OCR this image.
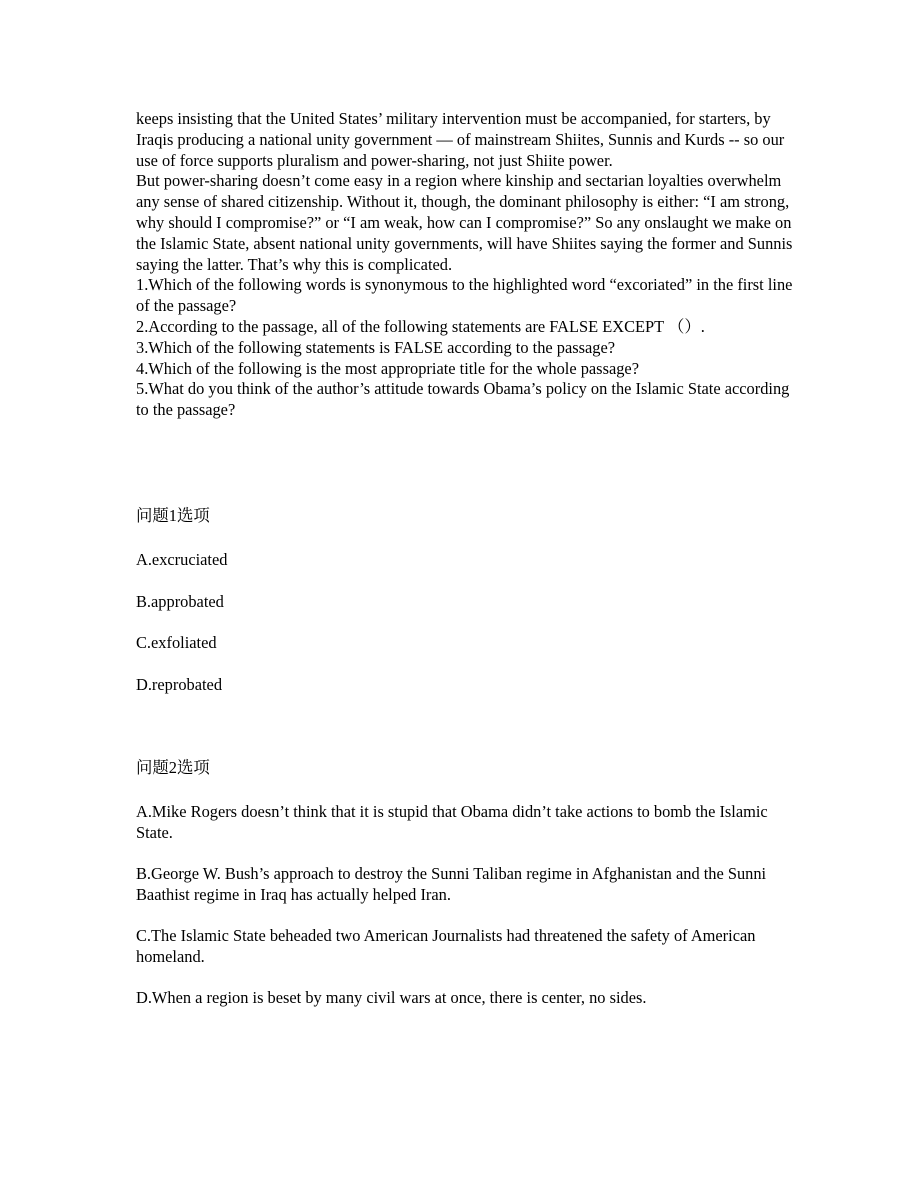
keeps insisting that the United States’ military intervention must be accompanied, for starters, by Iraqis producing a national unity government ― of mainstream Shiites, Sunnis and Kurds -- so our use of force supports pluralism and power-sharing, not just Shiite power.

But power-sharing doesn’t come easy in a region where kinship and sectarian loyalties overwhelm any sense of shared citizenship. Without it, though, the dominant philosophy is either: “I am strong, why should I compromise?” or “I am weak, how can I compromise?” So any onslaught we make on the Islamic State, absent national unity governments, will have Shiites saying the former and Sunnis saying the latter. That’s why this is complicated.

1.Which of the following words is synonymous to the highlighted word “excoriated” in the first line of the passage?

2.According to the passage, all of the following statements are FALSE EXCEPT （）.

3.Which of the following statements is FALSE according to the passage?

4.Which of the following is the most appropriate title for the whole passage?

5.What do you think of the author’s attitude towards Obama’s policy on the Islamic State according to the passage?

问题1选项
A.excruciated
B.approbated
C.exfoliated
D.reprobated
问题2选项
A.Mike Rogers doesn’t think that it is stupid that Obama didn’t take actions to bomb the Islamic State.
B.George W. Bush’s approach to destroy the Sunni Taliban regime in Afghanistan and the Sunni Baathist regime in Iraq has actually helped Iran.
C.The Islamic State beheaded two American Journalists had threatened the safety of American homeland.
D.When a region is beset by many civil wars at once, there is center, no sides.
